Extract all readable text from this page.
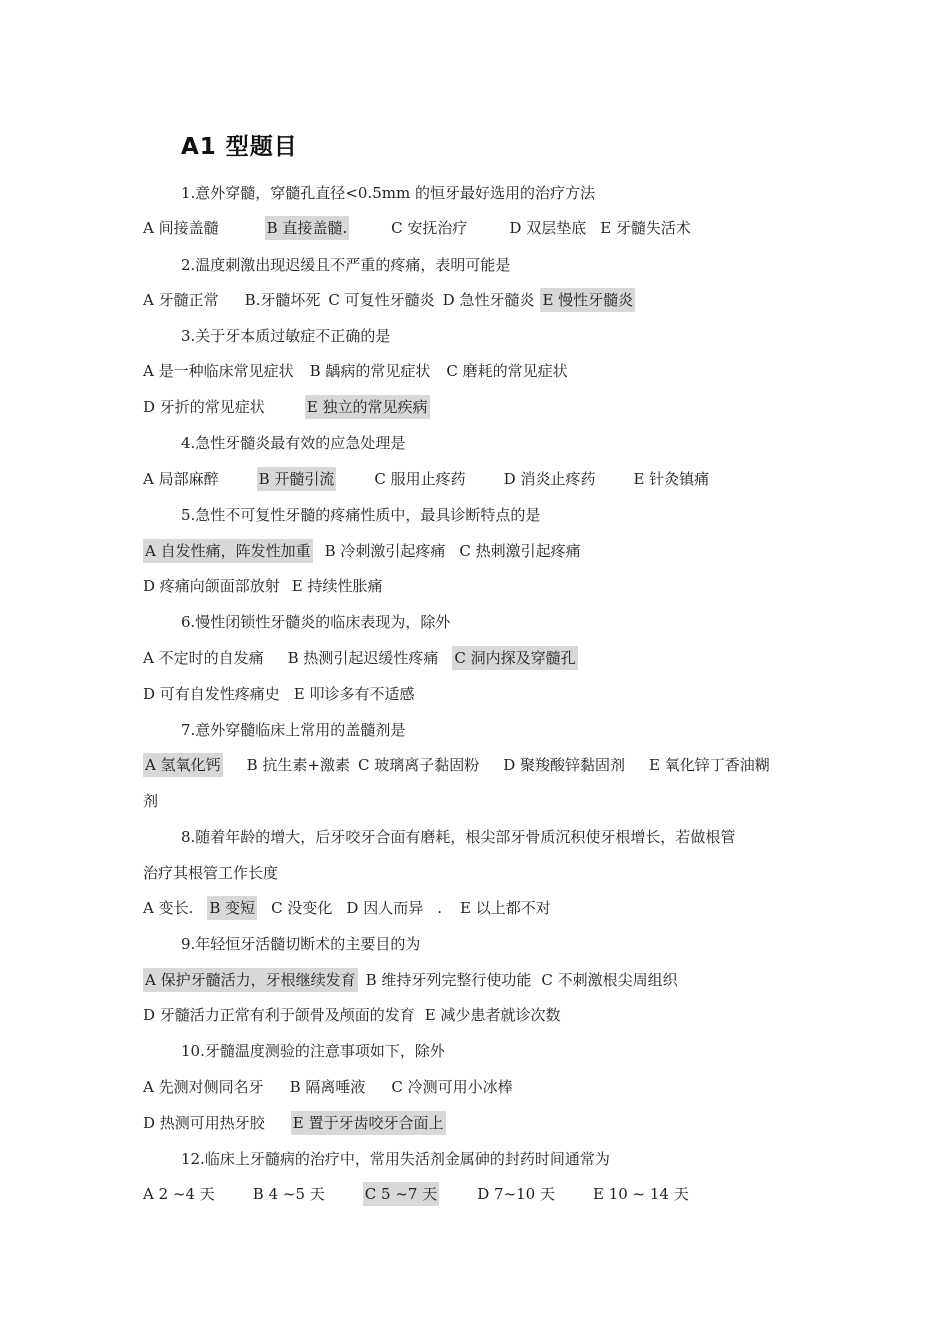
A1 型题目
1.意外穿髓，穿髓孔直径<0.5mm 的恒牙最好选用的治疗方法
A 间接盖髓	B 直接盖髓.	C 安抚治疗	D 双层垫底 E 牙髓失活术
2.温度刺激出现迟缓且不严重的疼痛，表明可能是
A 牙髓正常 B.牙髓坏死 C 可复性牙髓炎 D 急性牙髓炎 E 慢性牙髓炎
3.关于牙本质过敏症不正确的是
A 是一种临床常见症状 B 龋病的常见症状 C 磨耗的常见症状
D 牙折的常见症状	E 独立的常见疾病
4.急性牙髓炎最有效的应急处理是
A 局部麻醉	B 开髓引流	C 服用止疼药	D 消炎止疼药	E 针灸镇痛
5.急性不可复性牙髓的疼痛性质中，最具诊断特点的是
A 自发性痛，阵发性加重 B 冷刺激引起疼痛 C 热刺激引起疼痛
D 疼痛向颌面部放射 E 持续性胀痛
6.慢性闭锁性牙髓炎的临床表现为，除外
A 不定时的自发痛 B 热测引起迟缓性疼痛 C 洞内探及穿髓孔
D 可有自发性疼痛史 E 叩诊多有不适感
7.意外穿髓临床上常用的盖髓剂是
A 氢氧化钙 B 抗生素+激素 C 玻璃离子黏固粉 D 聚羧酸锌黏固剂 E 氧化锌丁香油糊
剂
8.随着年龄的增大，后牙咬牙合面有磨耗，根尖部牙骨质沉积使牙根增长，若做根管
治疗其根管工作长度
A 变长. B 变短 C 没变化 D 因人而异 . E 以上都不对
9.年轻恒牙活髓切断术的主要目的为
A 保护牙髓活力，牙根继续发育 B 维持牙列完整行使功能 C 不刺激根尖周组织
D 牙髓活力正常有利于颌骨及颅面的发育 E 减少患者就诊次数
10.牙髓温度测验的注意事项如下，除外
A 先测对侧同名牙 B 隔离唾液 C 冷测可用小冰棒
D 热测可用热牙胶 E 置于牙齿咬牙合面上
12.临床上牙髓病的治疗中，常用失活剂金属砷的封药时间通常为
A 2 ~4 天	B 4 ~5 天	C 5 ~7 天	D 7~10 天	E 10 ~ 14 天
